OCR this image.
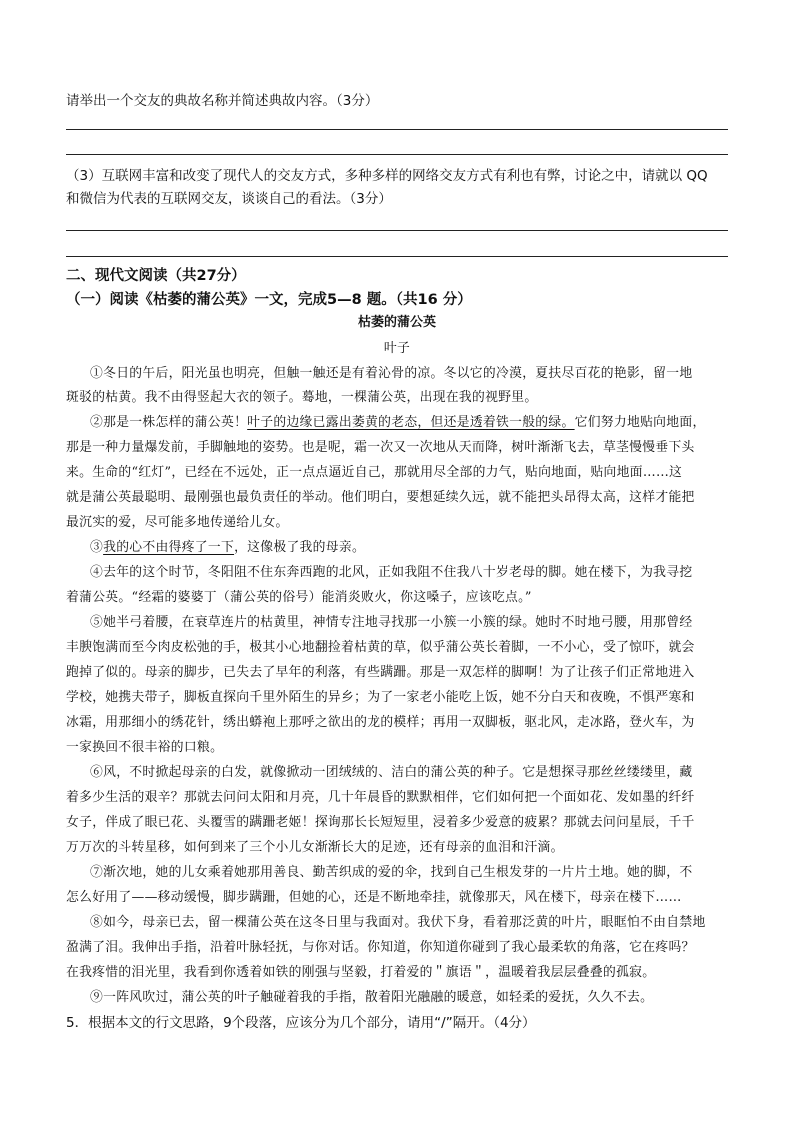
请举出一个交友的典故名称并简述典故内容。（3分）
（3）互联网丰富和改变了现代人的交友方式，多种多样的网络交友方式有利也有弊，讨论之中，请就以 QQ
和微信为代表的互联网交友，谈谈自己的看法。（3分）
二、现代文阅读（共27分）
（一）阅读《枯萎的蒲公英》一文，完成5—8 题。（共16 分）
枯萎的蒲公英
叶子
①冬日的午后，阳光虽也明亮，但触一触还是有着沁骨的凉。冬以它的冷漠，夏扶尽百花的艳影，留一地
斑驳的枯黄。我不由得竖起大衣的领子。蓦地，一棵蒲公英，出现在我的视野里。
②那是一株怎样的蒲公英！叶子的边缘已露出萎黄的老态，但还是透着铁一般的绿。它们努力地贴向地面，
那是一种力量爆发前，手脚触地的姿势。也是呢，霜一次又一次地从天而降，树叶渐渐飞去，草茎慢慢垂下头
来。生命的“红灯”，已经在不远处，正一点点逼近自己，那就用尽全部的力气，贴向地面，贴向地面……这
就是蒲公英最聪明、最刚强也最负责任的举动。他们明白，要想延续久远，就不能把头昂得太高，这样才能把
最沉实的爱，尽可能多地传递给儿女。
③我的心不由得疼了一下，这像极了我的母亲。
④去年的这个时节，冬阳阻不住东奔西跑的北风，正如我阻不住我八十岁老母的脚。她在楼下，为我寻挖
着蒲公英。“经霜的婆婆丁（蒲公英的俗号）能消炎败火，你这嗓子，应该吃点。”
⑤她半弓着腰，在衰草连片的枯黄里，神情专注地寻找那一小簇一小簇的绿。她时不时地弓腰，用那曾经
丰腴饱满而至今肉皮松弛的手，极其小心地翻捡着枯黄的草，似乎蒲公英长着脚，一不小心，受了惊吓，就会
跑掉了似的。母亲的脚步，已失去了早年的利落，有些蹒跚。那是一双怎样的脚啊！为了让孩子们正常地进入
学校，她携夫带子，脚板直探向千里外陌生的异乡；为了一家老小能吃上饭，她不分白天和夜晚，不惧严寒和
冰霜，用那细小的绣花针，绣出蟒袍上那呼之欲出的龙的模样；再用一双脚板，驱北风，走冰路，登火车，为
一家换回不很丰裕的口粮。
⑥风，不时掀起母亲的白发，就像掀动一团绒绒的、洁白的蒲公英的种子。它是想探寻那丝丝缕缕里，藏
着多少生活的艰辛？那就去问问太阳和月亮，几十年晨昏的默默相伴，它们如何把一个面如花、发如墨的纤纤
女子，伴成了眼已花、头覆雪的蹒跚老姬！探询那长长短短里，浸着多少爱意的疲累？那就去问问星辰，千千
万万次的斗转星移，如何到来了三个小儿女渐渐长大的足迹，还有母亲的血泪和汗滴。
⑦渐次地，她的儿女乘着她那用善良、勤苦织成的爱的伞，找到自己生根发芽的一片片土地。她的脚，不
怎么好用了——移动缓慢，脚步蹒跚，但她的心，还是不断地牵挂，就像那天，风在楼下，母亲在楼下……
⑧如今，母亲已去，留一棵蒲公英在这冬日里与我面对。我伏下身，看着那泛黄的叶片，眼眶怕不由自禁地
盈满了泪。我伸出手指，沿着叶脉轻抚，与你对话。你知道，你知道你碰到了我心最柔软的角落，它在疼吗？
在我疼惜的泪光里，我看到你透着如铁的刚强与坚毅，打着爱的＂旗语＂，温暖着我层层叠叠的孤寂。
⑨一阵风吹过，蒲公英的叶子触碰着我的手指，散着阳光融融的暖意，如轻柔的爱抚，久久不去。
5．根据本文的行文思路，9个段落，应该分为几个部分，请用“/”隔开。（4分）
